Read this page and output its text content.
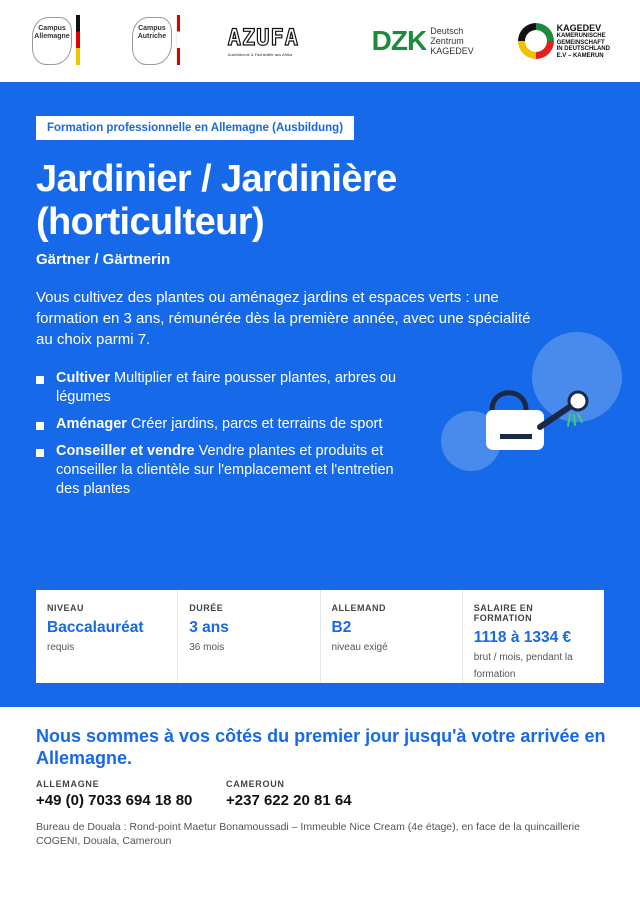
Campus Allemagne
Campus Autriche	AZUFA
Ausbildende & Fachkräfte aus Afrika	DZK Deutsch
Zentrum
KAGEDEV
KAGEDEV
KAMERUNISCHE
GEMEINSCHAFT
IN DEUTSCHLAND
E.V – KAMERUN
Formation professionnelle en Allemagne (Ausbildung)
Jardinier / Jardinière (horticulteur)
Gärtner / Gärtnerin

Vous cultivez des plantes ou aménagez jardins et espaces verts : une formation en 3 ans, rémunérée dès la première année, avec une spécialité au choix parmi 7.

Cultiver Multiplier et faire pousser plantes, arbres ou légumes
Aménager Créer jardins, parcs et terrains de sport
Conseiller et vendre Vendre plantes et produits et conseiller la clientèle sur l'emplacement et l'entretien des plantes
NIVEAU
Baccalauréat
requis
DURÉE
3 ans
36 mois
ALLEMAND
B2
niveau exigé
SALAIRE EN FORMATION
1118 à 1334 €
brut / mois, pendant la formation
Nous sommes à vos côtés du premier jour jusqu'à votre arrivée en Allemagne.
ALLEMAGNE
+49 (0) 7033 694 18 80
CAMEROUN
+237 622 20 81 64

Bureau de Douala : Rond-point Maetur Bonamoussadi – Immeuble Nice Cream (4e étage), en face de la quincaillerie COGENI, Douala, Cameroun
